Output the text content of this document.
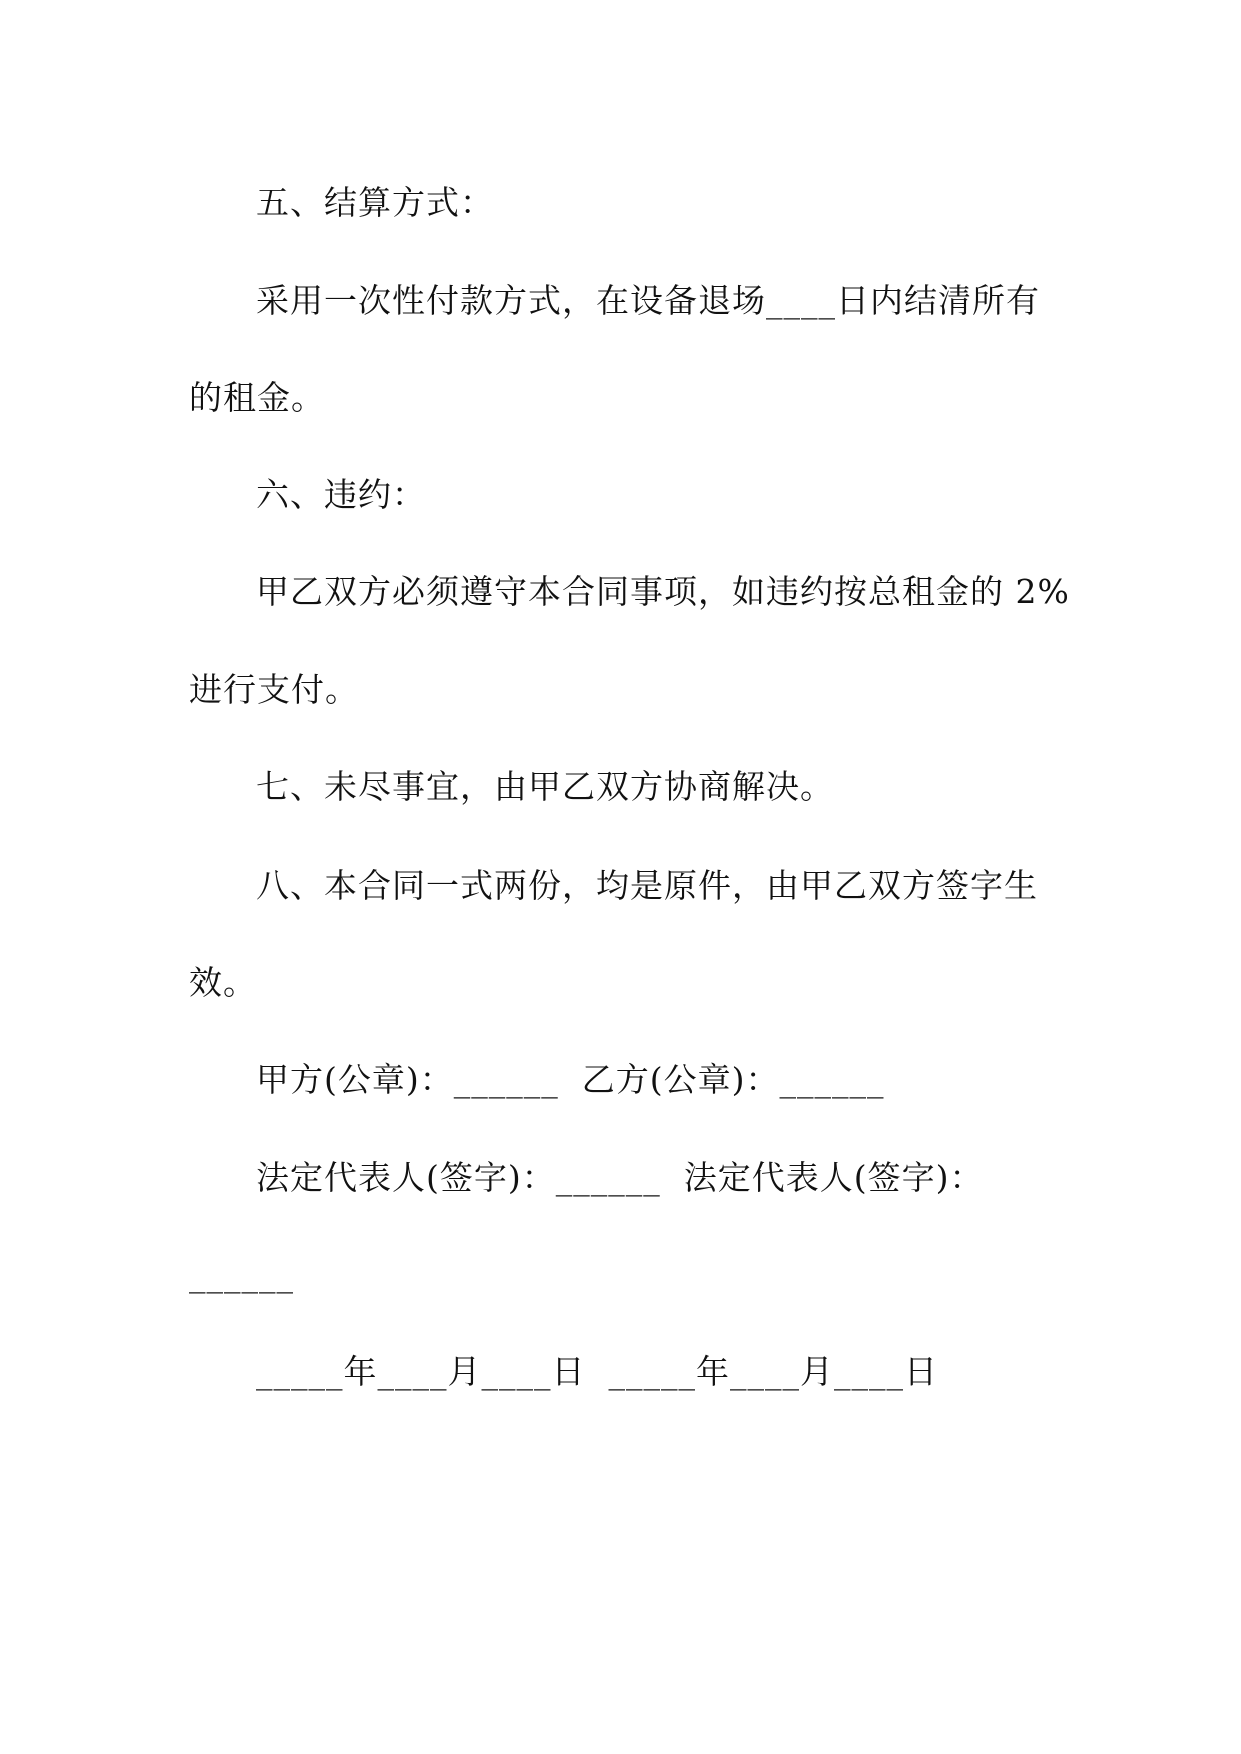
五、结算方式：
采用一次性付款方式，在设备退场____日内结清所有
的租金。
六、违约：
甲乙双方必须遵守本合同事项，如违约按总租金的 2%
进行支付。
七、未尽事宜，由甲乙双方协商解决。
八、本合同一式两份，均是原件，由甲乙双方签字生
效。
甲方(公章)：______  乙方(公章)：______
法定代表人(签字)：______  法定代表人(签字)：
______
_____年____月____日  _____年____月____日
